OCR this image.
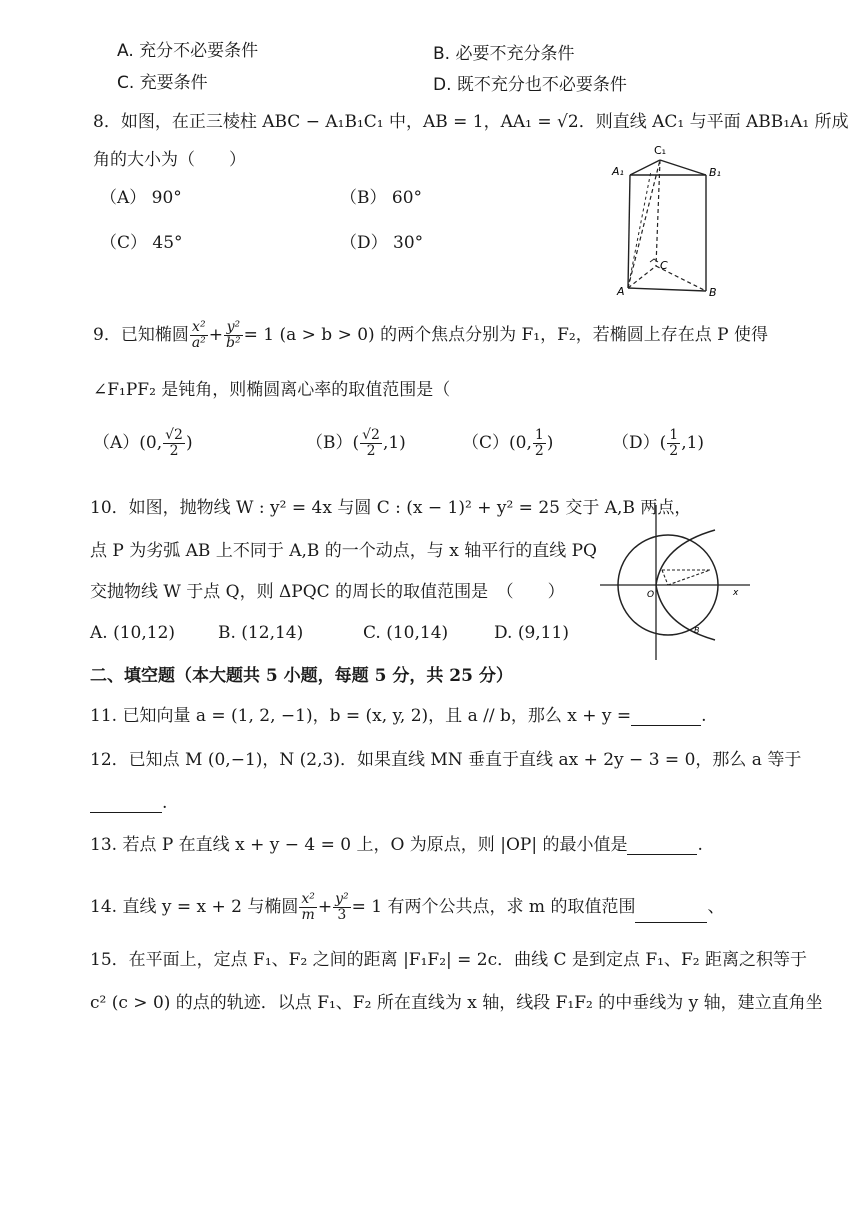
A. 充分不必要条件	B. 必要不充分条件
C. 充要条件	D. 既不充分也不必要条件
8．如图，在正三棱柱 ABC − A₁B₁C₁ 中，AB = 1，AA₁ = √2．则直线 AC₁ 与平面 ABB₁A₁ 所成
角的大小为（　　）
（A） 90°	（B） 60°
（C） 45°	（D） 30°
C₁
A₁	B₁
A	B
C
9．已知椭圆 $\frac{\text{x²}}{\text{a²}} + \frac{\text{y²}}{\text{b²}} = 1$ (a > b > 0) 的两个焦点分别为 F₁，F₂，若椭圆上存在点 P 使得
∠F₁PF₂ 是钝角，则椭圆离心率的取值范围是（
（A）(0, $\frac{√2}{2}$ )	$(B)( \frac{√2}{2} ,1)$	（C）(0, $\frac{1}{2}$ )	$(D)( \frac{1}{2} ,1)$
10．如图，抛物线 W : y² = 4x 与圆 C : (x − 1)² + y² = 25 交于 A,B 两点，
点 P 为劣弧 AB 上不同于 A,B 的一个动点，与 x 轴平行的直线 PQ
交抛物线 W 于点 Q，则 ΔPQC 的周长的取值范围是　（　　）
A. (10,12)	B. (12,14)	C. (10,14)	D. (9,11)
O	x
B
二、填空题（本大题共 5 小题，每题 5 分，共 25 分）
11. 已知向量 a = (1, 2, −1)，b = (x, y, 2)，且 a // b，那么 x + y =	.
12．已知点 M (0,−1)，N (2,3)．如果直线 MN 垂直于直线 ax + 2y − 3 = 0，那么 a 等于
.
13. 若点 P 在直线 x + y − 4 = 0 上，O 为原点，则 |OP| 的最小值是	.
14. 直线 y = x + 2 与椭圆 $\frac{\text{x²}}{m} + \frac{\text{y²}}{3} = 1$ 有两个公共点，求 m 的取值范围	、
15．在平面上，定点 F₁、F₂ 之间的距离 |F₁F₂| = 2c．曲线 C 是到定点 F₁、F₂ 距离之积等于
c² (c > 0) 的点的轨迹．以点 F₁、F₂ 所在直线为 x 轴，线段 F₁F₂ 的中垂线为 y 轴，建立直角坐
